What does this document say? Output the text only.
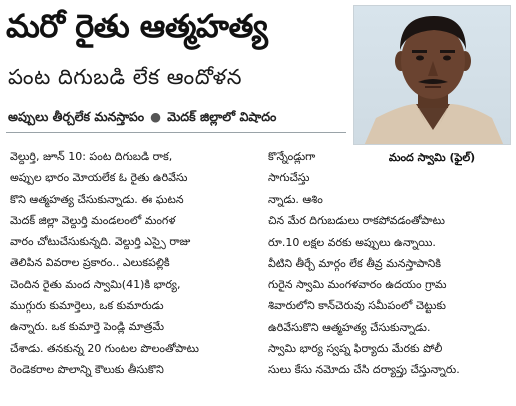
మరో రైతు ఆత్మహత్య
పంట దిగుబడి లేక ఆందోళన
అప్పులు తీర్చలేక మనస్తాపం ● మెదక్ జిల్లాలో విషాదం
మంద స్వామి (ఫైల్)
వెల్దుర్తి, జూన్ 10: పంట దిగుబడి రాక,
అప్పుల భారం మోయలేక ఓ రైతు ఉరివేసు
కొని ఆత్మహత్య చేసుకున్నాడు. ఈ ఘటన
మెదక్ జిల్లా వెల్దుర్తి మండలంలో మంగళ
వారం చోటుచేసుకున్నది. వెల్దుర్తి ఎస్సై రాజు
తెలిపిన వివరాల ప్రకారం.. ఎలుకపల్లికి
చెందిన రైతు మంద స్వామి(41)కి భార్య,
ముగ్గురు కుమార్తెలు, ఒక కుమారుడు
ఉన్నారు. ఒక కుమార్తె పెండ్లి మాత్రమే
చేశాడు. తనకున్న 20 గుంటల పొలంతోపాటు
రెండెకరాల పొలాన్ని కౌలుకు తీసుకొని
కొన్నేండ్లుగా
సాగుచేస్తు
న్నాడు. ఆశిం
చిన మేర దిగుబడులు రాకపోవడంతోపాటు
రూ.10 లక్షల వరకు అప్పులు ఉన్నాయి.
వీటిని తీర్చే మార్గం లేక తీవ్ర మనస్తాపానికి
గురైన స్వామి మంగళవారం ఉదయం గ్రామ
శివారులోని కాన్‌చెరువు సమీపంలో చెట్టుకు
ఉరివేసుకొని ఆత్మహత్య చేసుకున్నాడు.
స్వామి భార్య స్వప్న ఫిర్యాదు మేరకు పోలీ
సులు కేసు నమోదు చేసి దర్యాప్తు చేస్తున్నారు.
